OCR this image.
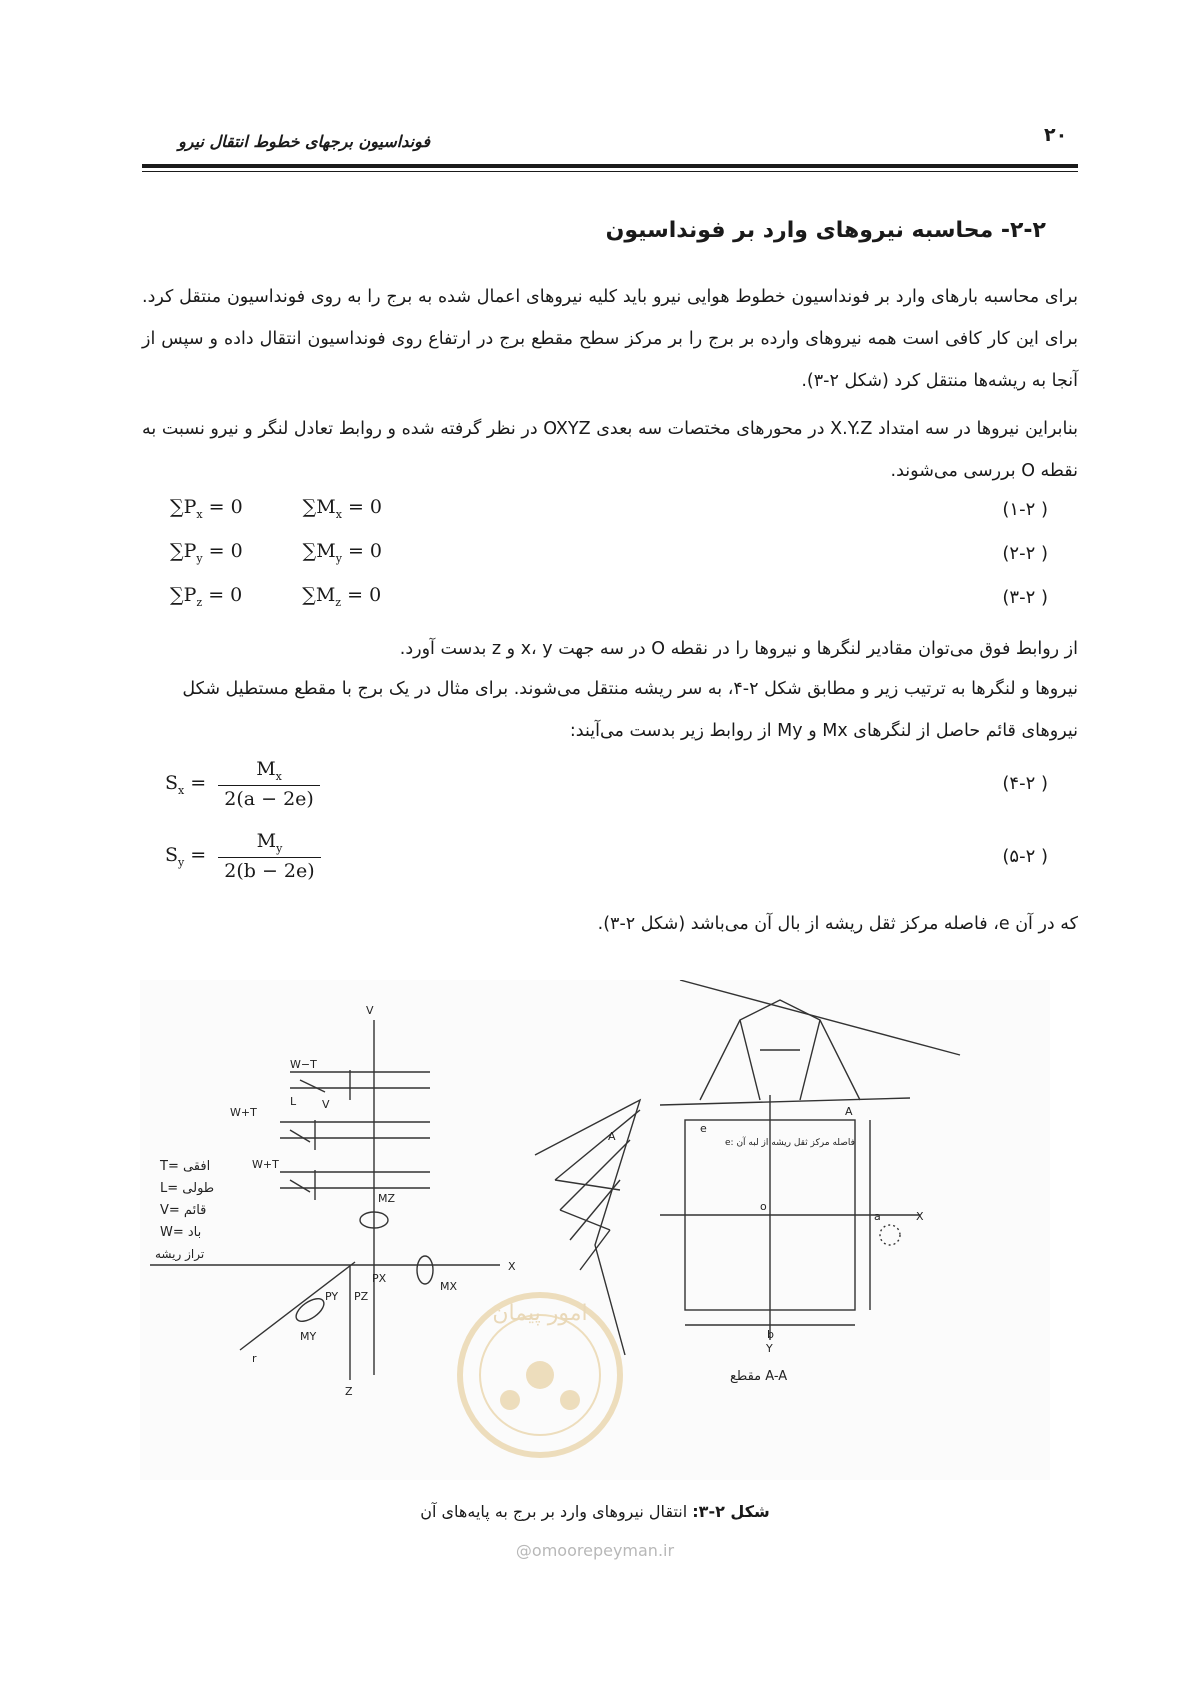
۲۰
فونداسیون برجهای خطوط انتقال نیرو
۲-۲- محاسبه نیروهای وارد بر فونداسیون
برای محاسبه بارهای وارد بر فونداسیون خطوط هوایی نیرو باید کلیه نیروهای اعمال شده به برج را به روی فونداسیون منتقل کرد. برای این کار کافی است همه نیروهای وارده بر برج را بر مرکز سطح مقطع برج در ارتفاع روی فونداسیون انتقال داده و سپس از آنجا به ریشه‌ها منتقل کرد (شکل ۲-۳).
بنابراین نیروها در سه امتداد X.Y.Z در محورهای مختصات سه بعدی OXYZ در نظر گرفته شده و روابط تعادل لنگر و نیرو نسبت به نقطه O بررسی می‌شوند.
$\sum P_x = 0$	$\sum M_x = 0$	( ۱-۲)
$\sum P_y = 0$	$\sum M_y = 0$	( ۲-۲)
$\sum P_z = 0$	$\sum M_z = 0$	( ۳-۲)
از روابط فوق می‌توان مقادیر لنگرها و نیروها را در نقطه O در سه جهت x، y و z بدست آورد.
نیروها و لنگرها به ترتیب زیر و مطابق شکل ۲-۴، به سر ریشه منتقل می‌شوند. برای مثال در یک برج با مقطع مستطیل شکل
نیروهای قائم حاصل از لنگرهای Mx و My از روابط زیر بدست می‌آیند:
$S_x = \frac{M_x}{2(a - 2e)}$	( ۴-۲)
$S_y = \frac{M_y}{2(b - 2e)}$	( ۵-۲)
که در آن e، فاصله مرکز ثقل ریشه از بال آن می‌باشد (شکل ۲-۳).
امور پیمان
V
W−T
W+T
W+T
L V
T= افقی
L= طولی
V= قائم
W= باد
تراز ریشه
MZ
MX
MY
PX
PY PZ
X
Z
r
X
Y
o
A
A
مقطع A-A
e: فاصله مرکز ثقل ریشه از لبه آن
b
a
e
شکل ۲-۳: انتقال نیروهای وارد بر برج به پایه‌های آن
@omoorepeyman.ir
